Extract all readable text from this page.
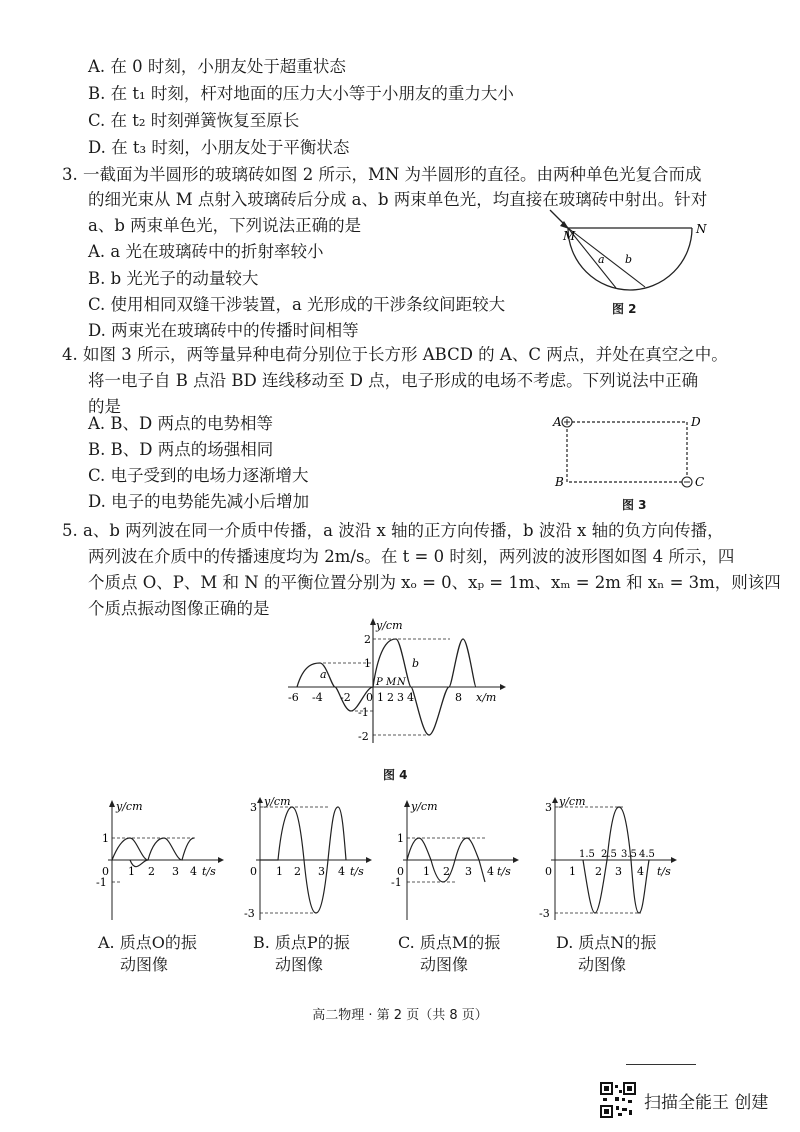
A. 在 0 时刻，小朋友处于超重状态
B. 在 t₁ 时刻，杆对地面的压力大小等于小朋友的重力大小
C. 在 t₂ 时刻弹簧恢复至原长
D. 在 t₃ 时刻，小朋友处于平衡状态
3. 一截面为半圆形的玻璃砖如图 2 所示，MN 为半圆形的直径。由两种单色光复合而成
的细光束从 M 点射入玻璃砖后分成 a、b 两束单色光，均直接在玻璃砖中射出。针对
a、b 两束单色光，下列说法正确的是
A. a 光在玻璃砖中的折射率较小
B. b 光光子的动量较大
C. 使用相同双缝干涉装置，a 光形成的干涉条纹间距较大
D. 两束光在玻璃砖中的传播时间相等
M	N
a b
图 2
4. 如图 3 所示，两等量异种电荷分别位于长方形 ABCD 的 A、C 两点，并处在真空之中。
将一电子自 B 点沿 BD 连线移动至 D 点，电子形成的电场不考虑。下列说法中正确
的是
A. B、D 两点的电势相等
B. B、D 两点的场强相同
C. 电子受到的电场力逐渐增大
D. 电子的电势能先减小后增加
A	D
B	C
图 3
5. a、b 两列波在同一介质中传播，a 波沿 x 轴的正方向传播，b 波沿 x 轴的负方向传播，
两列波在介质中的传播速度均为 2m/s。在 t = 0 时刻，两列波的波形图如图 4 所示，四
个质点 O、P、M 和 N 的平衡位置分别为 xₒ = 0、xₚ = 1m、xₘ = 2m 和 xₙ = 3m，则该四
个质点振动图像正确的是
y/cm
x/m
a
b
2
1
-1
-2
-6 -4 -2 0 1 2 3 4	8
P M N
图 4
y/cm
1
-1
0 1 2 3 4 t/s
A. 质点O的振
动图像
y/cm
3
-3
0 1 2 3 4 t/s
B. 质点P的振
动图像
y/cm
1
-1
0 1 2 3 4 t/s
C. 质点M的振
动图像
y/cm
3
-3
0 1
1.5
2
2.5
3
3.5
4
4.5
t/s
D. 质点N的振
动图像
高二物理 · 第 2 页（共 8 页）
扫描全能王 创建
